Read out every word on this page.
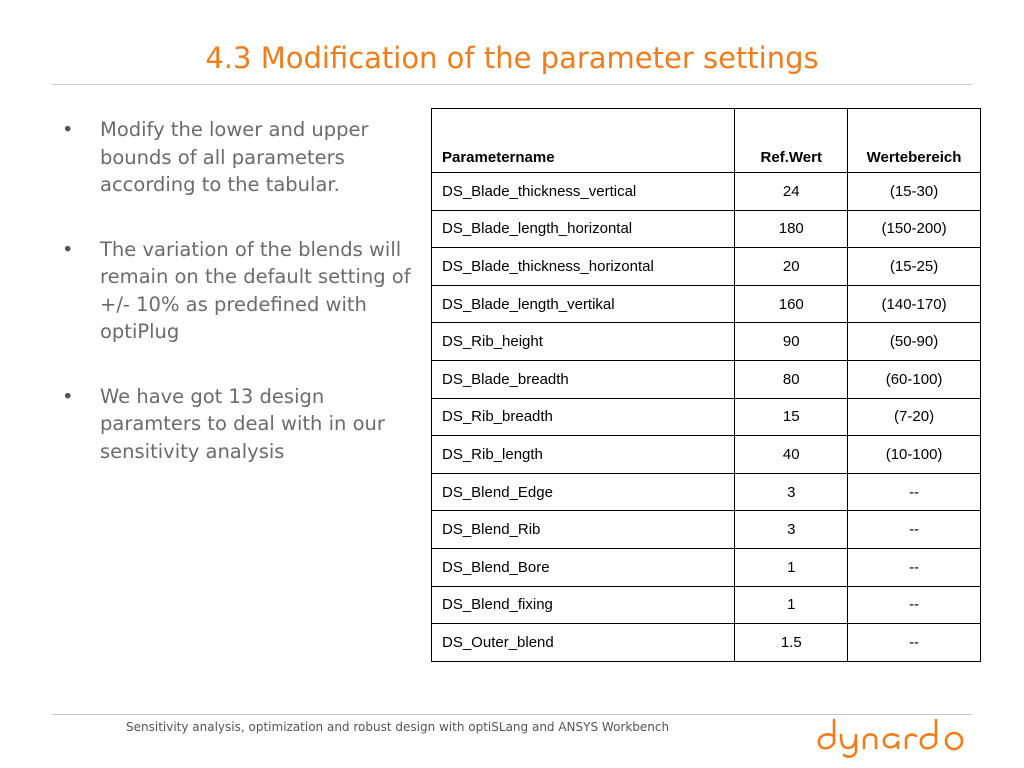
4.3 Modification of the parameter settings
• Modify the lower and upper bounds of all parameters according to the tabular.
• The variation of the blends will remain on the default setting of +/- 10% as predefined with optiPlug
• We have got 13 design paramters to deal with in our sensitivity analysis
Parametername	Ref.Wert	Wertebereich
DS_Blade_thickness_vertical	24	(15-30)
DS_Blade_length_horizontal	180	(150-200)
DS_Blade_thickness_horizontal	20	(15-25)
DS_Blade_length_vertikal	160	(140-170)
DS_Rib_height	90	(50-90)
DS_Blade_breadth	80	(60-100)
DS_Rib_breadth	15	(7-20)
DS_Rib_length	40	(10-100)
DS_Blend_Edge	3	--
DS_Blend_Rib	3	--
DS_Blend_Bore	1	--
DS_Blend_fixing	1	--
DS_Outer_blend	1.5	--
Sensitivity analysis, optimization and robust design with optiSLang and ANSYS Workbench
